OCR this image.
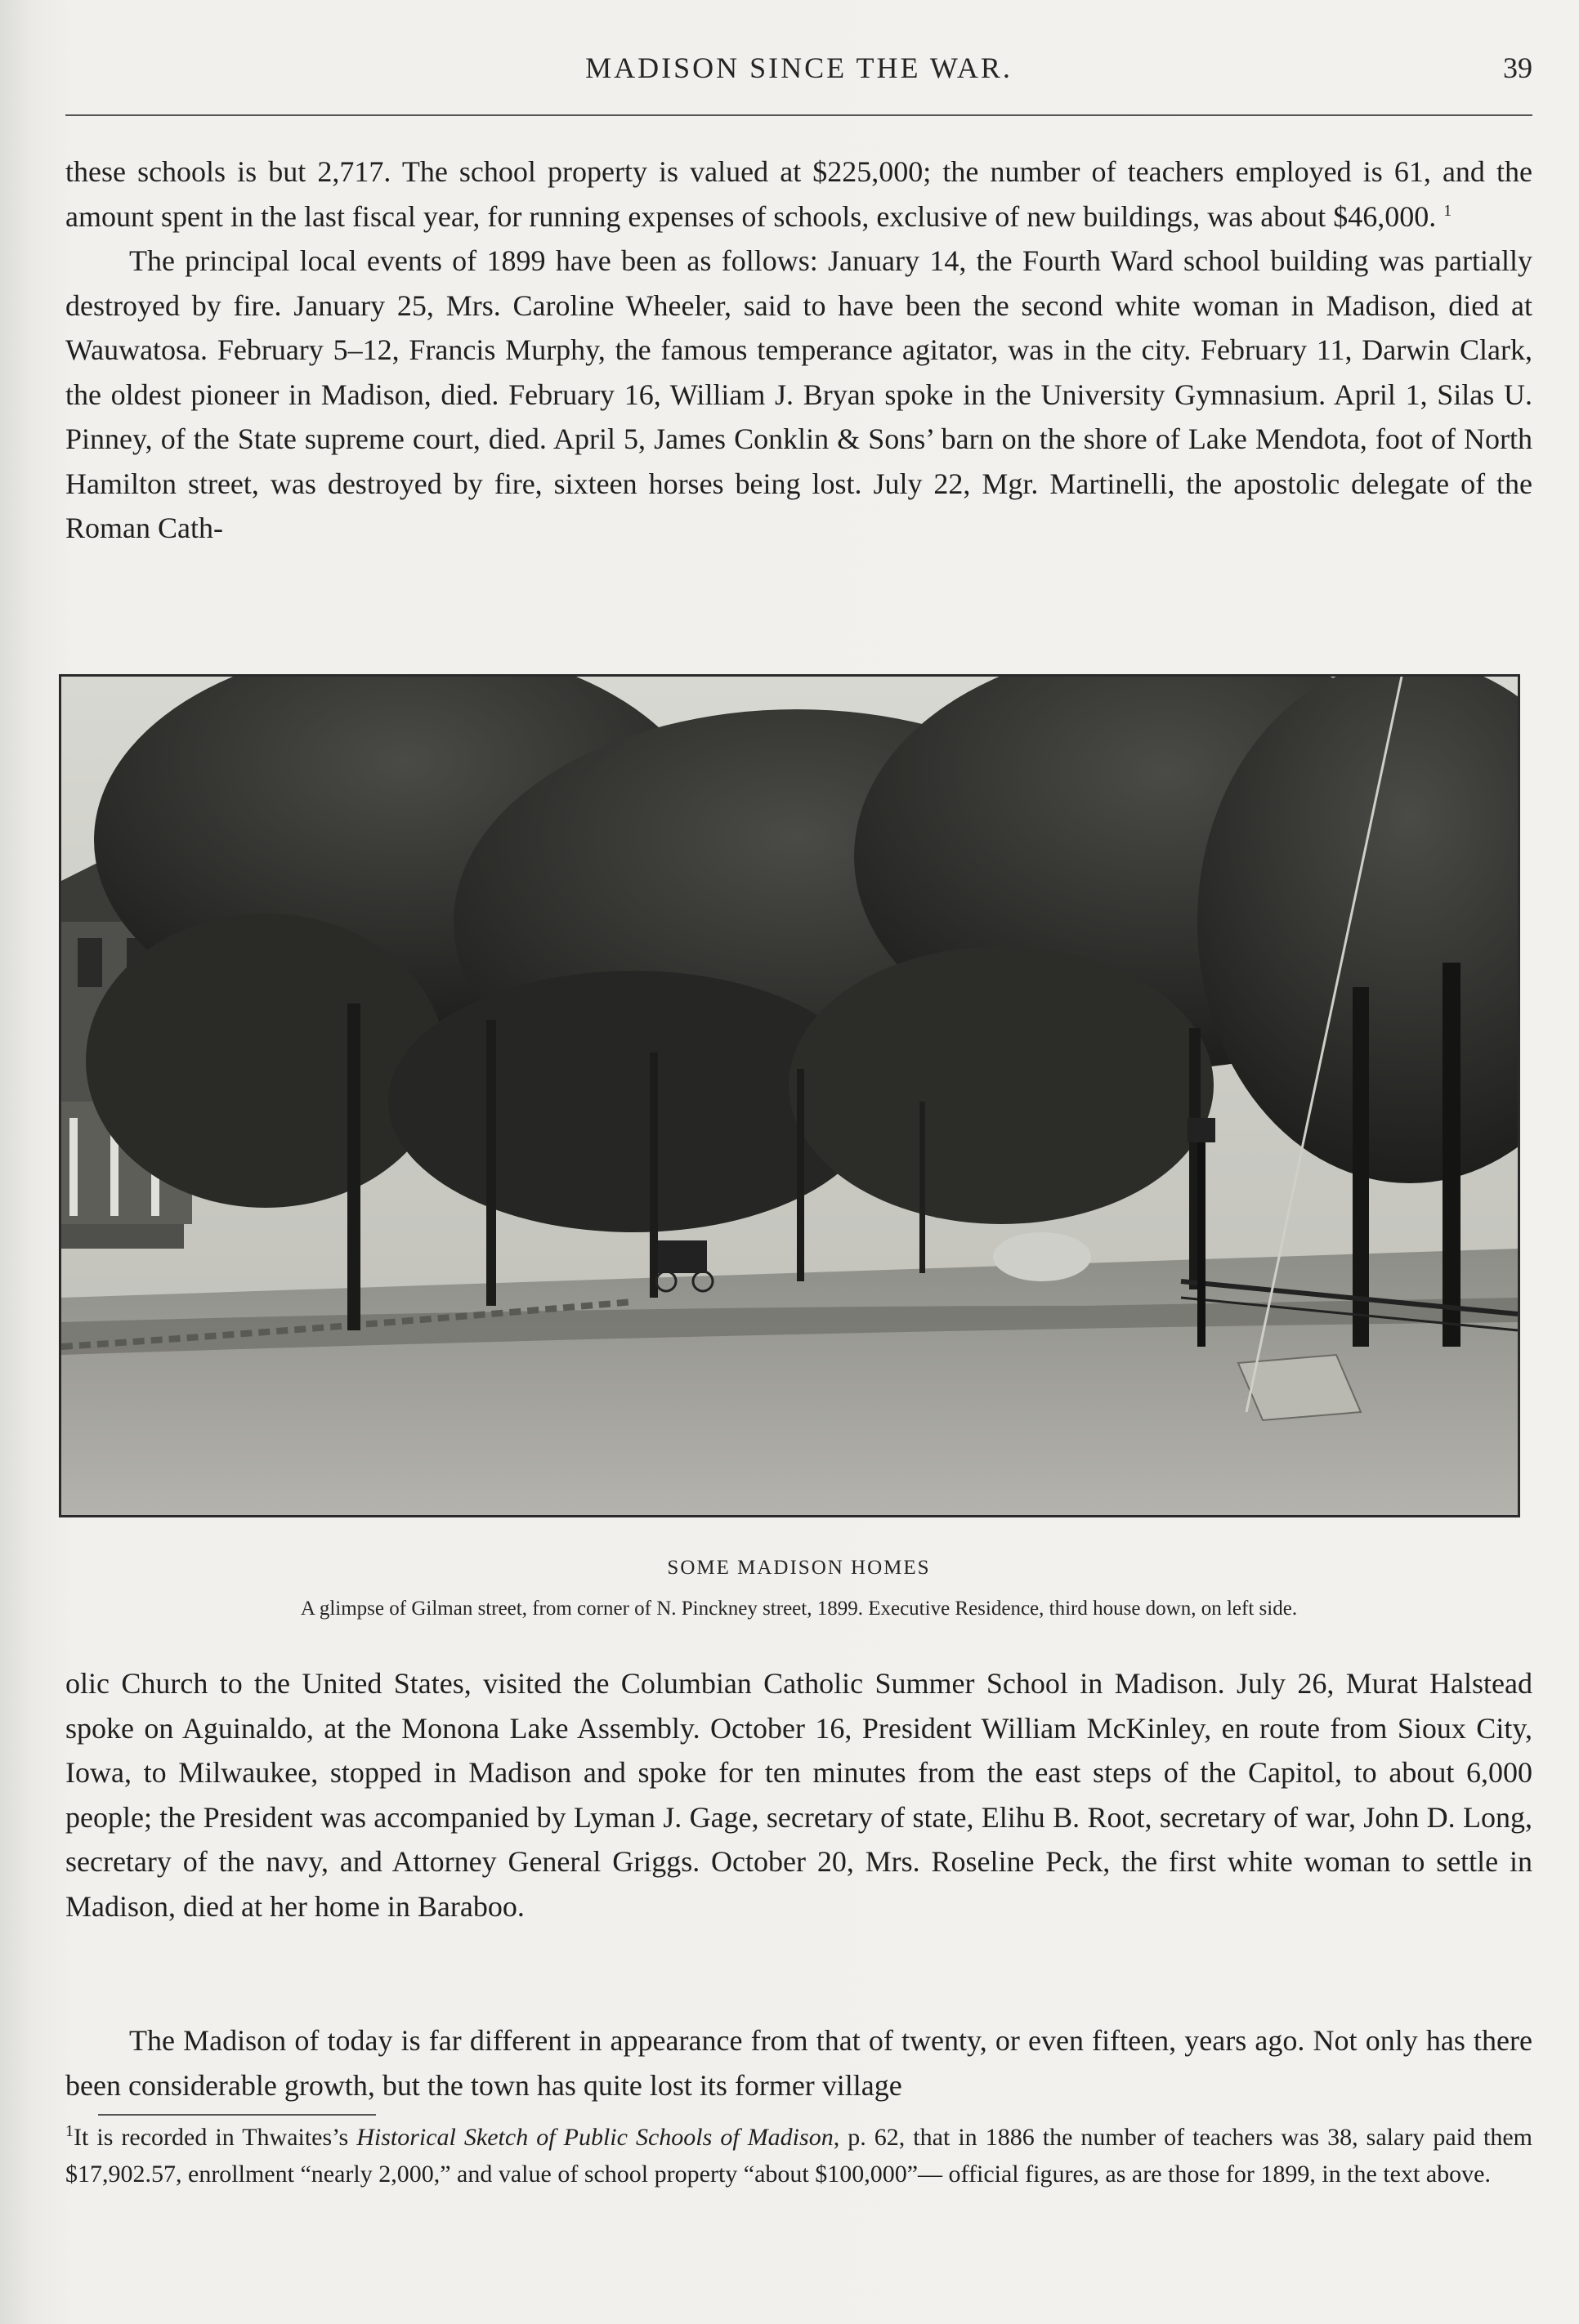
MADISON SINCE THE WAR.	39

these schools is but 2,717. The school property is valued at $225,000; the number of teachers employed is 61, and the amount spent in the last fiscal year, for running expenses of schools, exclusive of new buildings, was about $46,000. $^1$

The principal local events of 1899 have been as follows: January 14, the Fourth Ward school building was partially destroyed by fire. January 25, Mrs. Caroline Wheeler, said to have been the second white woman in Madison, died at Wauwatosa. February 5–12, Francis Murphy, the famous temperance agitator, was in the city. February 11, Darwin Clark, the oldest pioneer in Madison, died. February 16, William J. Bryan spoke in the University Gymnasium. April 1, Silas U. Pinney, of the State supreme court, died. April 5, James Conklin & Sons’ barn on the shore of Lake Mendota, foot of North Hamilton street, was destroyed by fire, sixteen horses being lost. July 22, Mgr. Martinelli, the apostolic delegate of the Roman Cath-

SOME MADISON HOMES
A glimpse of Gilman street, from corner of N. Pinckney street, 1899. Executive Residence, third house down, on left side.

olic Church to the United States, visited the Columbian Catholic Summer School in Madison. July 26, Murat Halstead spoke on Aguinaldo, at the Monona Lake Assembly. October 16, President William McKinley, en route from Sioux City, Iowa, to Milwaukee, stopped in Madison and spoke for ten minutes from the east steps of the Capitol, to about 6,000 people; the President was accompanied by Lyman J. Gage, secretary of state, Elihu B. Root, secretary of war, John D. Long, secretary of the navy, and Attorney General Griggs. October 20, Mrs. Roseline Peck, the first white woman to settle in Madison, died at her home in Baraboo.

The Madison of today is far different in appearance from that of twenty, or even fifteen, years ago. Not only has there been considerable growth, but the town has quite lost its former village

$^1$It is recorded in Thwaites’s Historical Sketch of Public Schools of Madison, p. 62, that in 1886 the number of teachers was 38, salary paid them $17,902.57, enrollment “nearly 2,000,” and value of school property “about $100,000”— official figures, as are those for 1899, in the text above.
